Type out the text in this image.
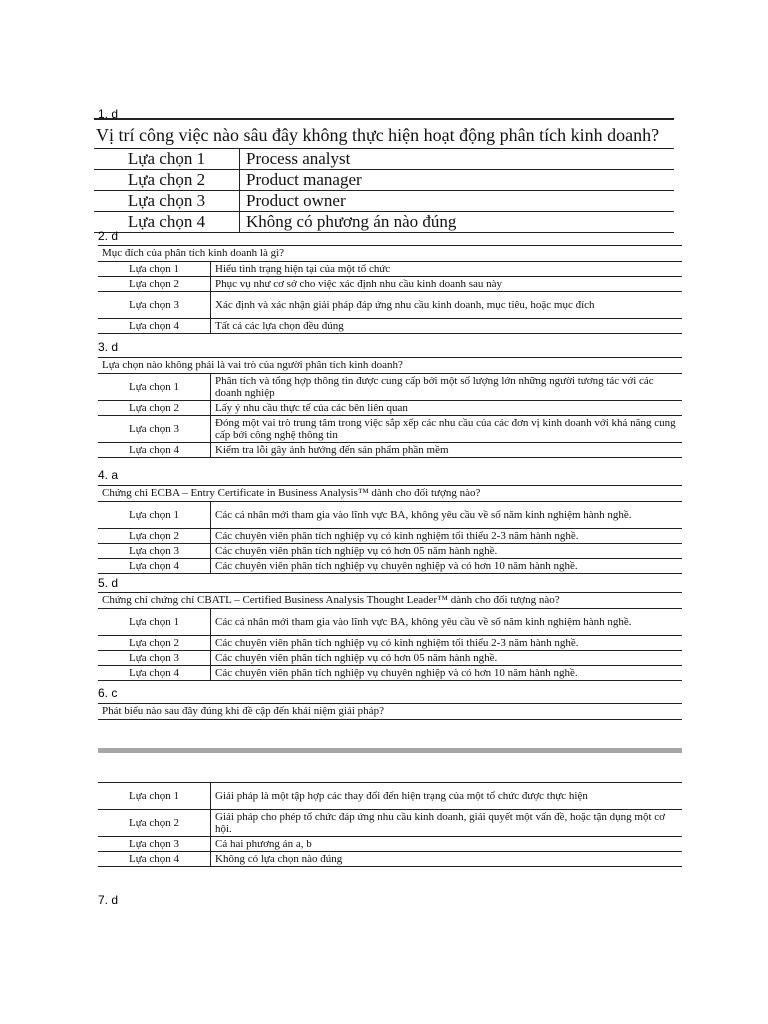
1. d
Vị trí công việc nào sâu đây không thực hiện hoạt động phân tích kinh doanh?
Lựa chọn 1	Process analyst
Lựa chọn 2	Product manager
Lựa chọn 3	Product owner
Lựa chọn 4	Không có phương án nào đúng
2. d
Mục đích của phân tích kinh doanh là gì?
Lựa chọn 1	Hiểu tình trạng hiện tại của một tổ chức
Lựa chọn 2	Phục vụ như cơ sở cho việc xác định nhu cầu kinh doanh sau này
Lựa chọn 3	Xác định và xác nhận giải pháp đáp ứng nhu cầu kinh doanh, mục tiêu, hoặc mục đích
Lựa chọn 4	Tất cả các lựa chọn đều đúng
3. d
Lựa chọn nào không phải là vai trò của người phân tích kinh doanh?
Lựa chọn 1	Phân tích và tổng hợp thông tin được cung cấp bởi một số lượng lớn những người tương tác với các doanh nghiệp
Lựa chọn 2	Lấy ý nhu cầu thực tế của các bên liên quan
Lựa chọn 3	Đóng một vai trò trung tâm trong việc sắp xếp các nhu cầu của các đơn vị kinh doanh với khả năng cung cấp bởi công nghệ thông tin
Lựa chọn 4	Kiểm tra lỗi gây ảnh hưởng đến sản phẩm phần mềm
4. a
Chứng chỉ ECBA – Entry Certificate in Business Analysis™ dành cho đối tượng nào?
Lựa chọn 1	Các cá nhân mới tham gia vào lĩnh vực BA, không yêu cầu về số năm kinh nghiệm hành nghề.
Lựa chọn 2	Các chuyên viên phân tích nghiệp vụ có kinh nghiệm tối thiểu 2-3 năm hành nghề.
Lựa chọn 3	Các chuyên viên phân tích nghiệp vụ có hơn 05 năm hành nghề.
Lựa chọn 4	Các chuyên viên phân tích nghiệp vụ chuyên nghiệp và có hơn 10 năm hành nghề.
5. d
Chứng chỉ chứng chỉ CBATL – Certified Business Analysis Thought Leader™ dành cho đối tượng nào?
Lựa chọn 1	Các cá nhân mới tham gia vào lĩnh vực BA, không yêu cầu về số năm kinh nghiệm hành nghề.
Lựa chọn 2	Các chuyên viên phân tích nghiệp vụ có kinh nghiệm tối thiểu 2-3 năm hành nghề.
Lựa chọn 3	Các chuyên viên phân tích nghiệp vụ có hơn 05 năm hành nghề.
Lựa chọn 4	Các chuyên viên phân tích nghiệp vụ chuyên nghiệp và có hơn 10 năm hành nghề.
6. c
Phát biểu nào sau đây đúng khi đề cập đến khái niệm giải pháp?
Lựa chọn 1	Giải pháp là một tập hợp các thay đổi đến hiện trạng của một tổ chức được thực hiện
Lựa chọn 2	Giải pháp cho phép tổ chức đáp ứng nhu cầu kinh doanh, giải quyết một vấn đề, hoặc tận dụng một cơ hội.
Lựa chọn 3	Cả hai phương án a, b
Lựa chọn 4	Không có lựa chọn nào đúng
7. d
